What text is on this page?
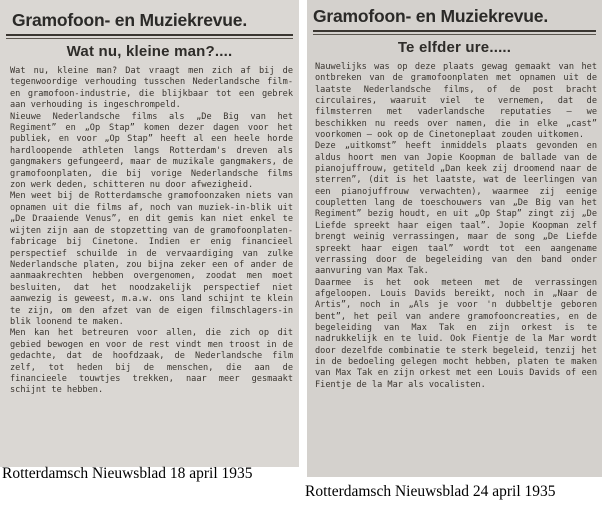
Gramofoon- en Muziekrevue.
Wat nu, kleine man?....
Wat nu, kleine man? Dat vraagt men zich af bij de tegenwoordige verhouding tusschen Nederlandsche film- en gramofoon-industrie, die blijkbaar tot een gebrek aan verhouding is ingeschrompeld.
Nieuwe Nederlandsche films als „De Big van het Regiment” en „Op Stap” komen dezer dagen voor het publiek, en voor „Op Stap” heeft al een heele horde hardloopende athleten langs Rotterdam's dreven als gangmakers gefungeerd, maar de muzikale gangmakers, de gramofoonplaten, die bij vorige Nederlandsche films zon werk deden, schitteren nu door afwezigheid.
Men weet bij de Rotterdamsche gramofoonzaken niets van opnamen uit die films af, noch van muziek-in-blik uit „De Draaiende Venus”, en dit gemis kan niet enkel te wijten zijn aan de stopzetting van de gramofoonplaten-fabricage bij Cinetone. Indien er enig financieel perspectief schuilde in de vervaardiging van zulke Nederlandsche platen, zou bijna zeker een of ander de aanmaakrechten hebben overgenomen, zoodat men moet besluiten, dat het noodzakelijk perspectief niet aanwezig is geweest, m.a.w. ons land schijnt te klein te zijn, om den afzet van de eigen filmschlagers-in blik loonend te maken.
Men kan het betreuren voor allen, die zich op dit gebied bewogen en voor de rest vindt men troost in de gedachte, dat de hoofdzaak, de Nederlandsche film zelf, tot heden bij de menschen, die aan de financieele touwtjes trekken, naar meer gesmaakt schijnt te hebben.
Gramofoon- en Muziekrevue.
Te elfder ure.....
Nauwelijks was op deze plaats gewag gemaakt van het ontbreken van de gramofoonplaten met opnamen uit de laatste Nederlandsche films, of de post bracht circulaires, waaruit viel te vernemen, dat de filmsterren met vaderlandsche reputaties — we beschikken nu reeds over namen, die in elke „cast” voorkomen — ook op de Cinetoneplaat zouden uitkomen.
Deze „uitkomst” heeft inmiddels plaats gevonden en aldus hoort men van Jopie Koopman de ballade van de pianojuffrouw, getiteld „Dan keek zij droomend naar de sterren”, (dit is het laatste, wat de leerlingen van een pianojuffrouw verwachten), waarmee zij eenige coupletten lang de toeschouwers van „De Big van het Regiment” bezig houdt, en uit „Op Stap” zingt zij „De Liefde spreekt haar eigen taal”. Jopie Koopman zelf brengt weinig verrassingen, maar de song „De Liefde spreekt haar eigen taal” wordt tot een aangename verrassing door de begeleiding van den band onder aanvuring van Max Tak.
Daarmee is het ook meteen met de verrassingen afgeloopen. Louis Davids bereikt, noch in „Naar de Artis”, noch in „Als je voor 'n dubbeltje geboren bent”, het peil van andere gramofooncreaties, en de begeleiding van Max Tak en zijn orkest is te nadrukkelijk en te luid. Ook Fientje de la Mar wordt door dezelfde combinatie te sterk begeleid, tenzij het in de bedoeling gelegen mocht hebben, platen te maken van Max Tak en zijn orkest met een Louis Davids of een Fientje de la Mar als vocalisten.
Rotterdamsch Nieuwsblad 18 april 1935
Rotterdamsch Nieuwsblad 24 april 1935
